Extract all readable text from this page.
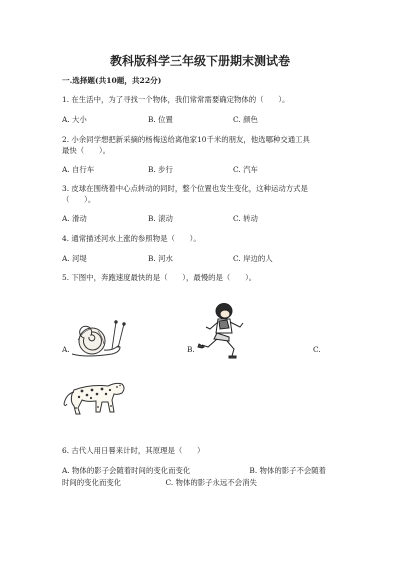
教科版科学三年级下册期末测试卷
一.选择题(共10题，共22分)
1. 在生活中，为了寻找一个物体，我们常常需要确定物体的（　　）。
A. 大小	B. 位置	C. 颜色
2. 小余同学想把新采摘的杨梅送给离他家10千米的朋友，他选哪种交通工具
最快（　　）。
A. 自行车	B. 步行	C. 汽车
3. 皮球在围绕着中心点转动的同时，整个位置也发生变化，这种运动方式是
（　　）。
A. 滑动	B. 滚动	C. 转动
4. 通常描述河水上涨的参照物是（　　）。
A. 河堤	B. 河水	C. 岸边的人
5. 下图中，奔跑速度最快的是（　　），最慢的是（　　）。
A.	B.	C.
6. 古代人用日晷来计时，其原理是（　　）
A. 物体的影子会随着时间的变化而变化　　　　　　　　B. 物体的影子不会随着
时间的变化而变化　　　　　　C. 物体的影子永远不会消失
